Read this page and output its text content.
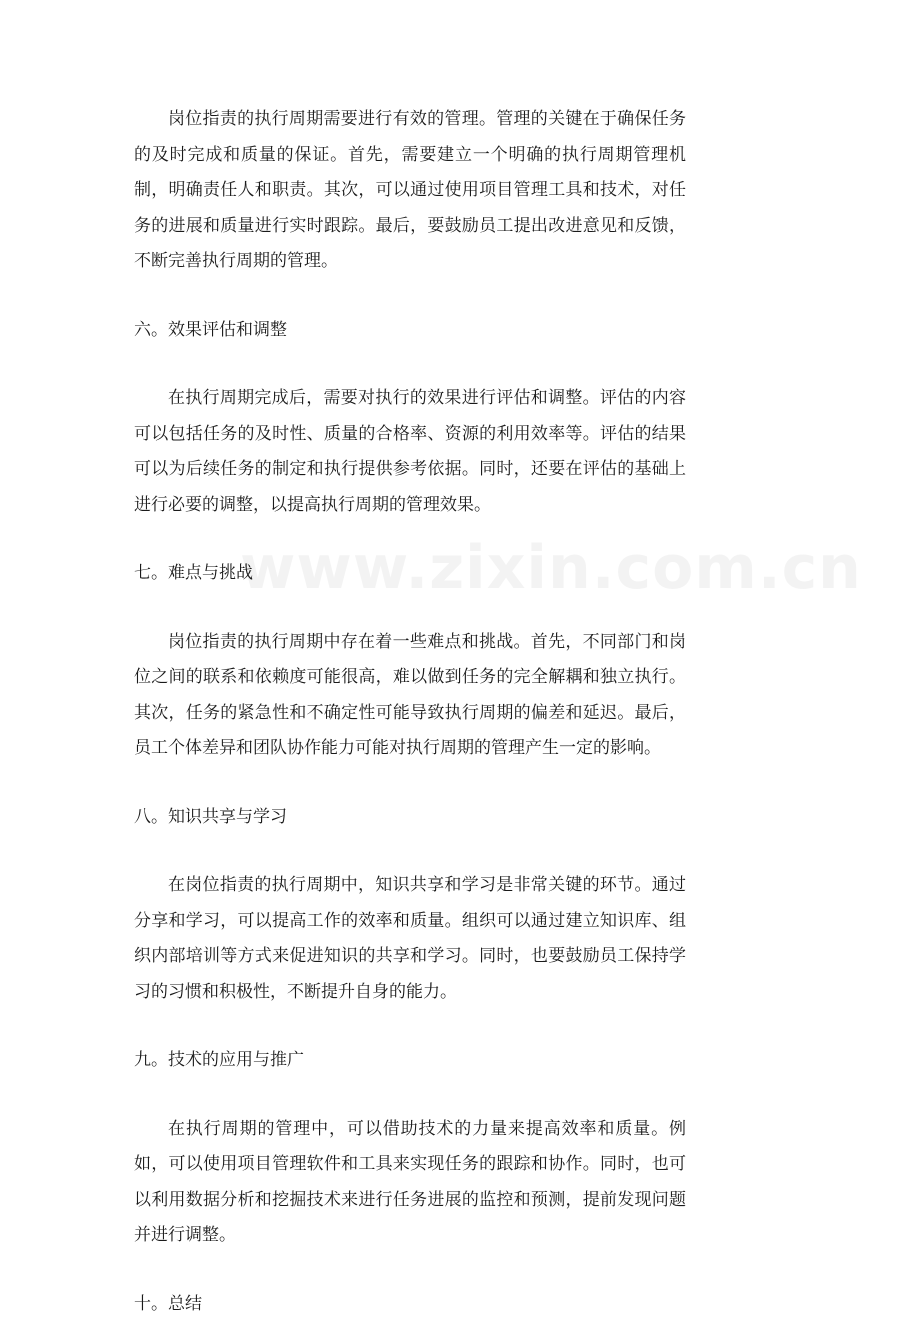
www.zixin.com.cn

岗位指责的执行周期需要进行有效的管理。管理的关键在于确保任务的及时完成和质量的保证。首先，需要建立一个明确的执行周期管理机制，明确责任人和职责。其次，可以通过使用项目管理工具和技术，对任务的进展和质量进行实时跟踪。最后，要鼓励员工提出改进意见和反馈，不断完善执行周期的管理。

六。效果评估和调整

在执行周期完成后，需要对执行的效果进行评估和调整。评估的内容可以包括任务的及时性、质量的合格率、资源的利用效率等。评估的结果可以为后续任务的制定和执行提供参考依据。同时，还要在评估的基础上进行必要的调整，以提高执行周期的管理效果。

七。难点与挑战

岗位指责的执行周期中存在着一些难点和挑战。首先，不同部门和岗位之间的联系和依赖度可能很高，难以做到任务的完全解耦和独立执行。其次，任务的紧急性和不确定性可能导致执行周期的偏差和延迟。最后，员工个体差异和团队协作能力可能对执行周期的管理产生一定的影响。

八。知识共享与学习

在岗位指责的执行周期中，知识共享和学习是非常关键的环节。通过分享和学习，可以提高工作的效率和质量。组织可以通过建立知识库、组织内部培训等方式来促进知识的共享和学习。同时，也要鼓励员工保持学习的习惯和积极性，不断提升自身的能力。

九。技术的应用与推广

在执行周期的管理中，可以借助技术的力量来提高效率和质量。例如，可以使用项目管理软件和工具来实现任务的跟踪和协作。同时，也可以利用数据分析和挖掘技术来进行任务进展的监控和预测，提前发现问题并进行调整。

十。总结
